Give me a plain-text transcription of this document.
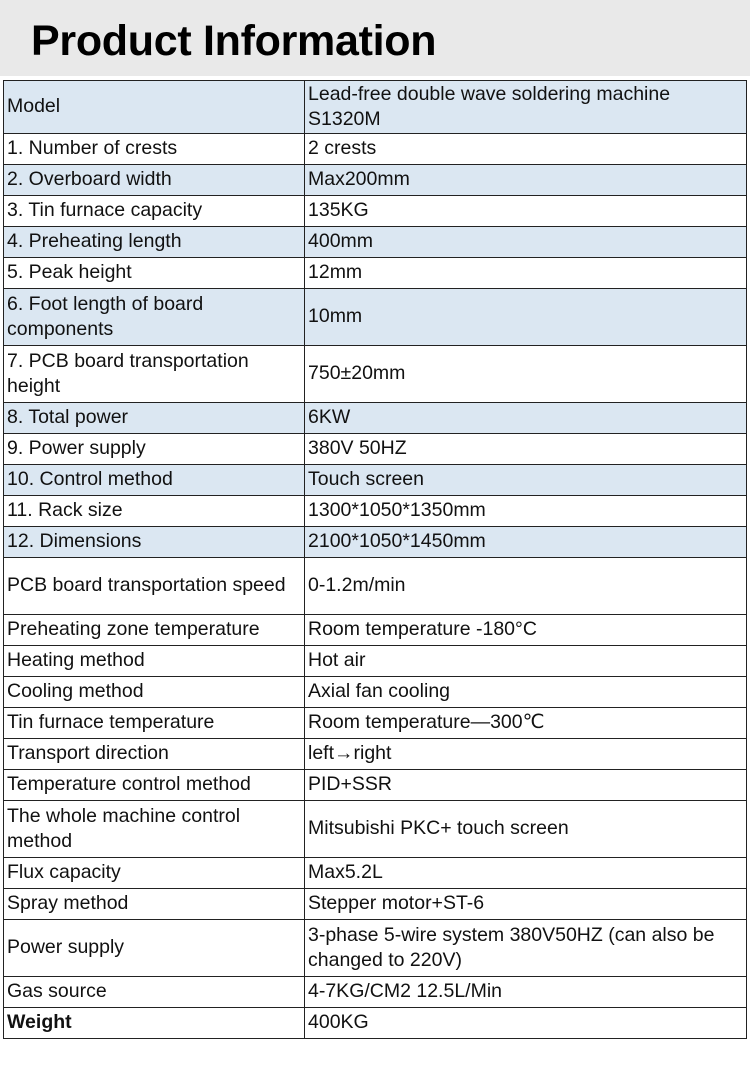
Product Information
Model	Lead-free double wave soldering machine S1320M
1. Number of crests	2 crests
2. Overboard width	Max200mm
3. Tin furnace capacity	135KG
4. Preheating length	400mm
5. Peak height	12mm
6. Foot length of board components	10mm
7. PCB board transportation height	750±20mm
8. Total power	6KW
9. Power supply	380V 50HZ
10. Control method	Touch screen
11. Rack size	1300*1050*1350mm
12. Dimensions	2100*1050*1450mm
PCB board transportation speed	0-1.2m/min
Preheating zone temperature	Room temperature -180°C
Heating method	Hot air
Cooling method	Axial fan cooling
Tin furnace temperature	Room temperature—300℃
Transport direction	left→right
Temperature control method	PID+SSR
The whole machine control method	Mitsubishi PKC+ touch screen
Flux capacity	Max5.2L
Spray method	Stepper motor+ST-6
Power supply	3-phase 5-wire system 380V50HZ (can also be changed to 220V)
Gas source	4-7KG/CM2 12.5L/Min
Weight	400KG
